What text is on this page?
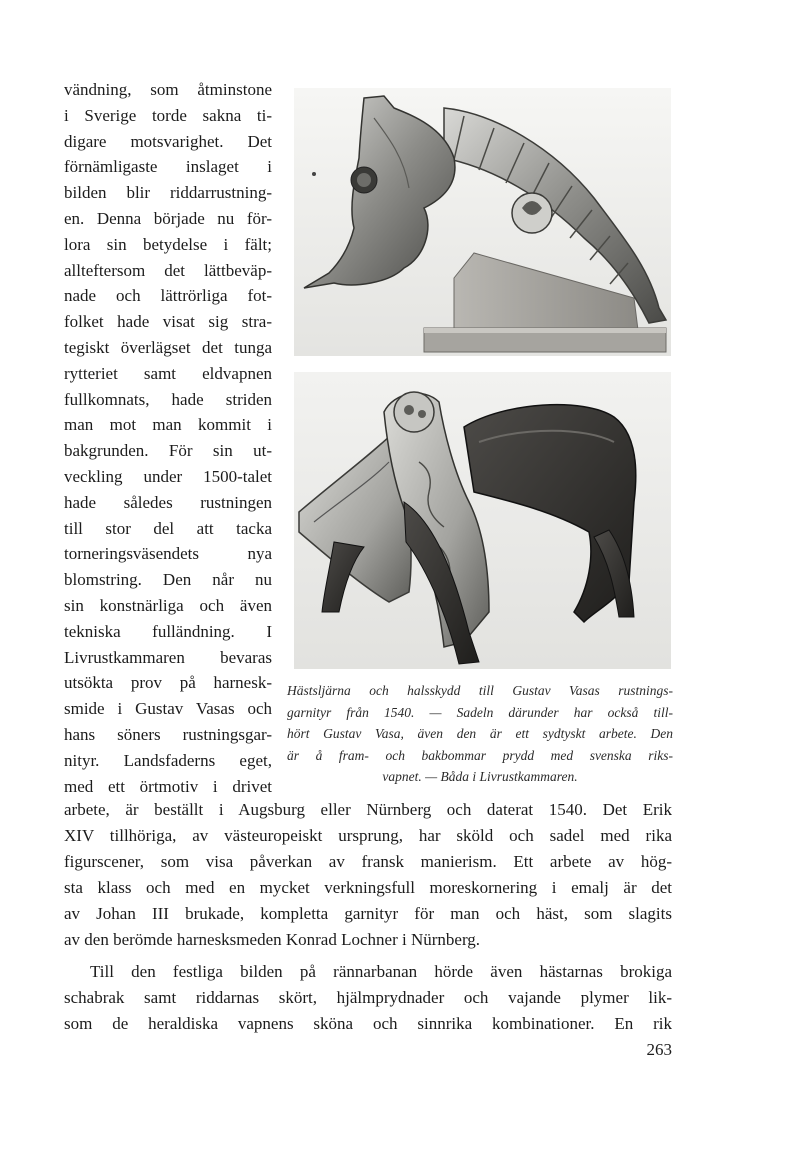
vändning, som åtminstone
i Sverige torde sakna ti-
digare motsvarighet. Det
förnämligaste inslaget i
bilden blir riddarrustning-
en. Denna började nu för-
lora sin betydelse i fält;
allteftersom det lättbeväp-
nade och lättrörliga fot-
folket hade visat sig stra-
tegiskt överlägset det tunga
rytteriet samt eldvapnen
fullkomnats, hade striden
man mot man kommit i
bakgrunden. För sin ut-
veckling under 1500-talet
hade således rustningen
till stor del att tacka
torneringsväsendets nya
blomstring. Den når nu
sin konstnärliga och även
tekniska fulländning. I
Livrustkammaren bevaras
utsökta prov på harnesk-
smide i Gustav Vasas och
hans söners rustningsgar-
nityr. Landsfaderns eget,
med ett örtmotiv i drivet
Hästsljärna och halsskydd till Gustav Vasas rustnings-
garnityr från 1540. — Sadeln därunder har också till-
hört Gustav Vasa, även den är ett sydtyskt arbete. Den
är å fram- och bakbommar prydd med svenska riks-
vapnet. — Båda i Livrustkammaren.
arbete, är beställt i Augsburg eller Nürnberg och daterat 1540. Det Erik
XIV tillhöriga, av västeuropeiskt ursprung, har sköld och sadel med rika
figurscener, som visa påverkan av fransk manierism. Ett arbete av hög-
sta klass och med en mycket verkningsfull moreskornering i emalj är det
av Johan III brukade, kompletta garnityr för man och häst, som slagits
av den berömde harnesksmeden Konrad Lochner i Nürnberg.
Till den festliga bilden på rännarbanan hörde även hästarnas brokiga
schabrak samt riddarnas skört, hjälmprydnader och vajande plymer lik-
som de heraldiska vapnens sköna och sinnrika kombinationer. En rik
263
